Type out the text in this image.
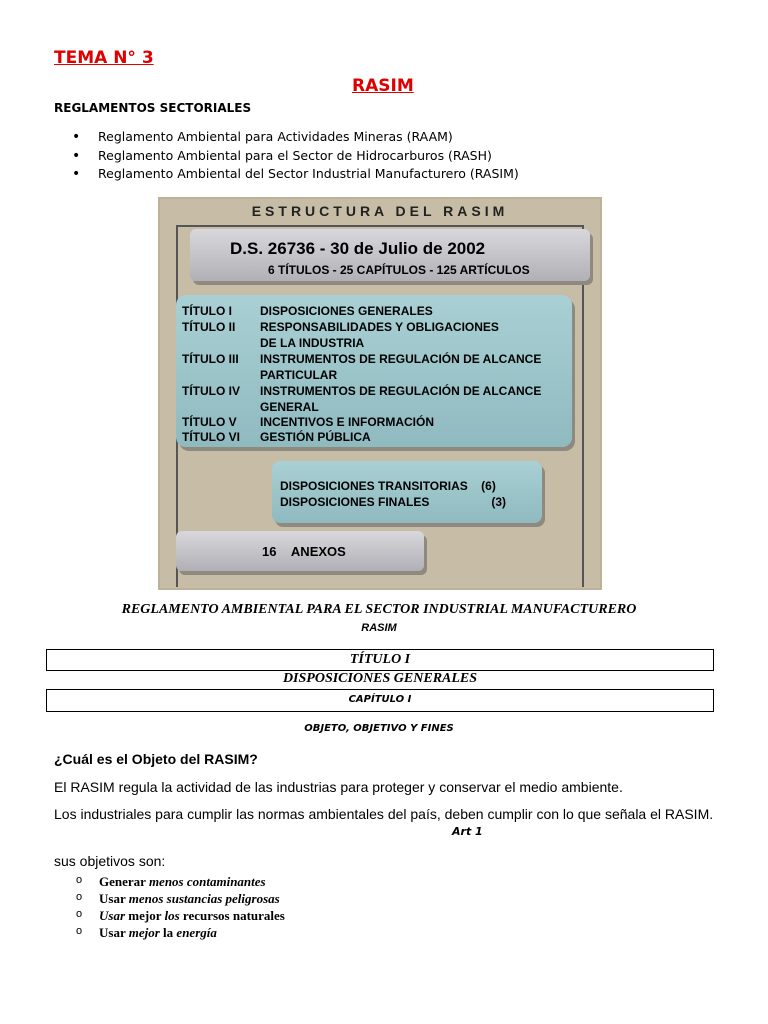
TEMA N° 3
RASIM
REGLAMENTOS SECTORIALES
• Reglamento Ambiental para Actividades Mineras (RAAM)
• Reglamento Ambiental para el Sector de Hidrocarburos (RASH)
• Reglamento Ambiental del Sector Industrial Manufacturero (RASIM)
ESTRUCTURA DEL RASIM
D.S. 26736 - 30 de Julio de 2002
6 TÍTULOS - 25 CAPÍTULOS - 125 ARTÍCULOS
TÍTULO I DISPOSICIONES GENERALES
TÍTULO II RESPONSABILIDADES Y OBLIGACIONES
DE LA INDUSTRIA
TÍTULO III INSTRUMENTOS DE REGULACIÓN DE ALCANCE
PARTICULAR
TÍTULO IV INSTRUMENTOS DE REGULACIÓN DE ALCANCE
GENERAL
TÍTULO V INCENTIVOS E INFORMACIÓN
TÍTULO VI GESTIÓN PÚBLICA
DISPOSICIONES TRANSITORIAS (6)
DISPOSICIONES FINALES	(3)
16 ANEXOS
REGLAMENTO AMBIENTAL PARA EL SECTOR INDUSTRIAL MANUFACTURERO
RASIM
TÍTULO I
DISPOSICIONES GENERALES
CAPÍTULO I
OBJETO, OBJETIVO Y FINES
¿Cuál es el Objeto del RASIM?
El RASIM regula la actividad de las industrias para proteger y conservar el medio ambiente.
Los industriales para cumplir las normas ambientales del país, deben cumplir con lo que señala el RASIM.
Art 1
sus objetivos son:
o Generar menos contaminantes
o Usar menos sustancias peligrosas
o Usar mejor los recursos naturales
o Usar mejor la energía
